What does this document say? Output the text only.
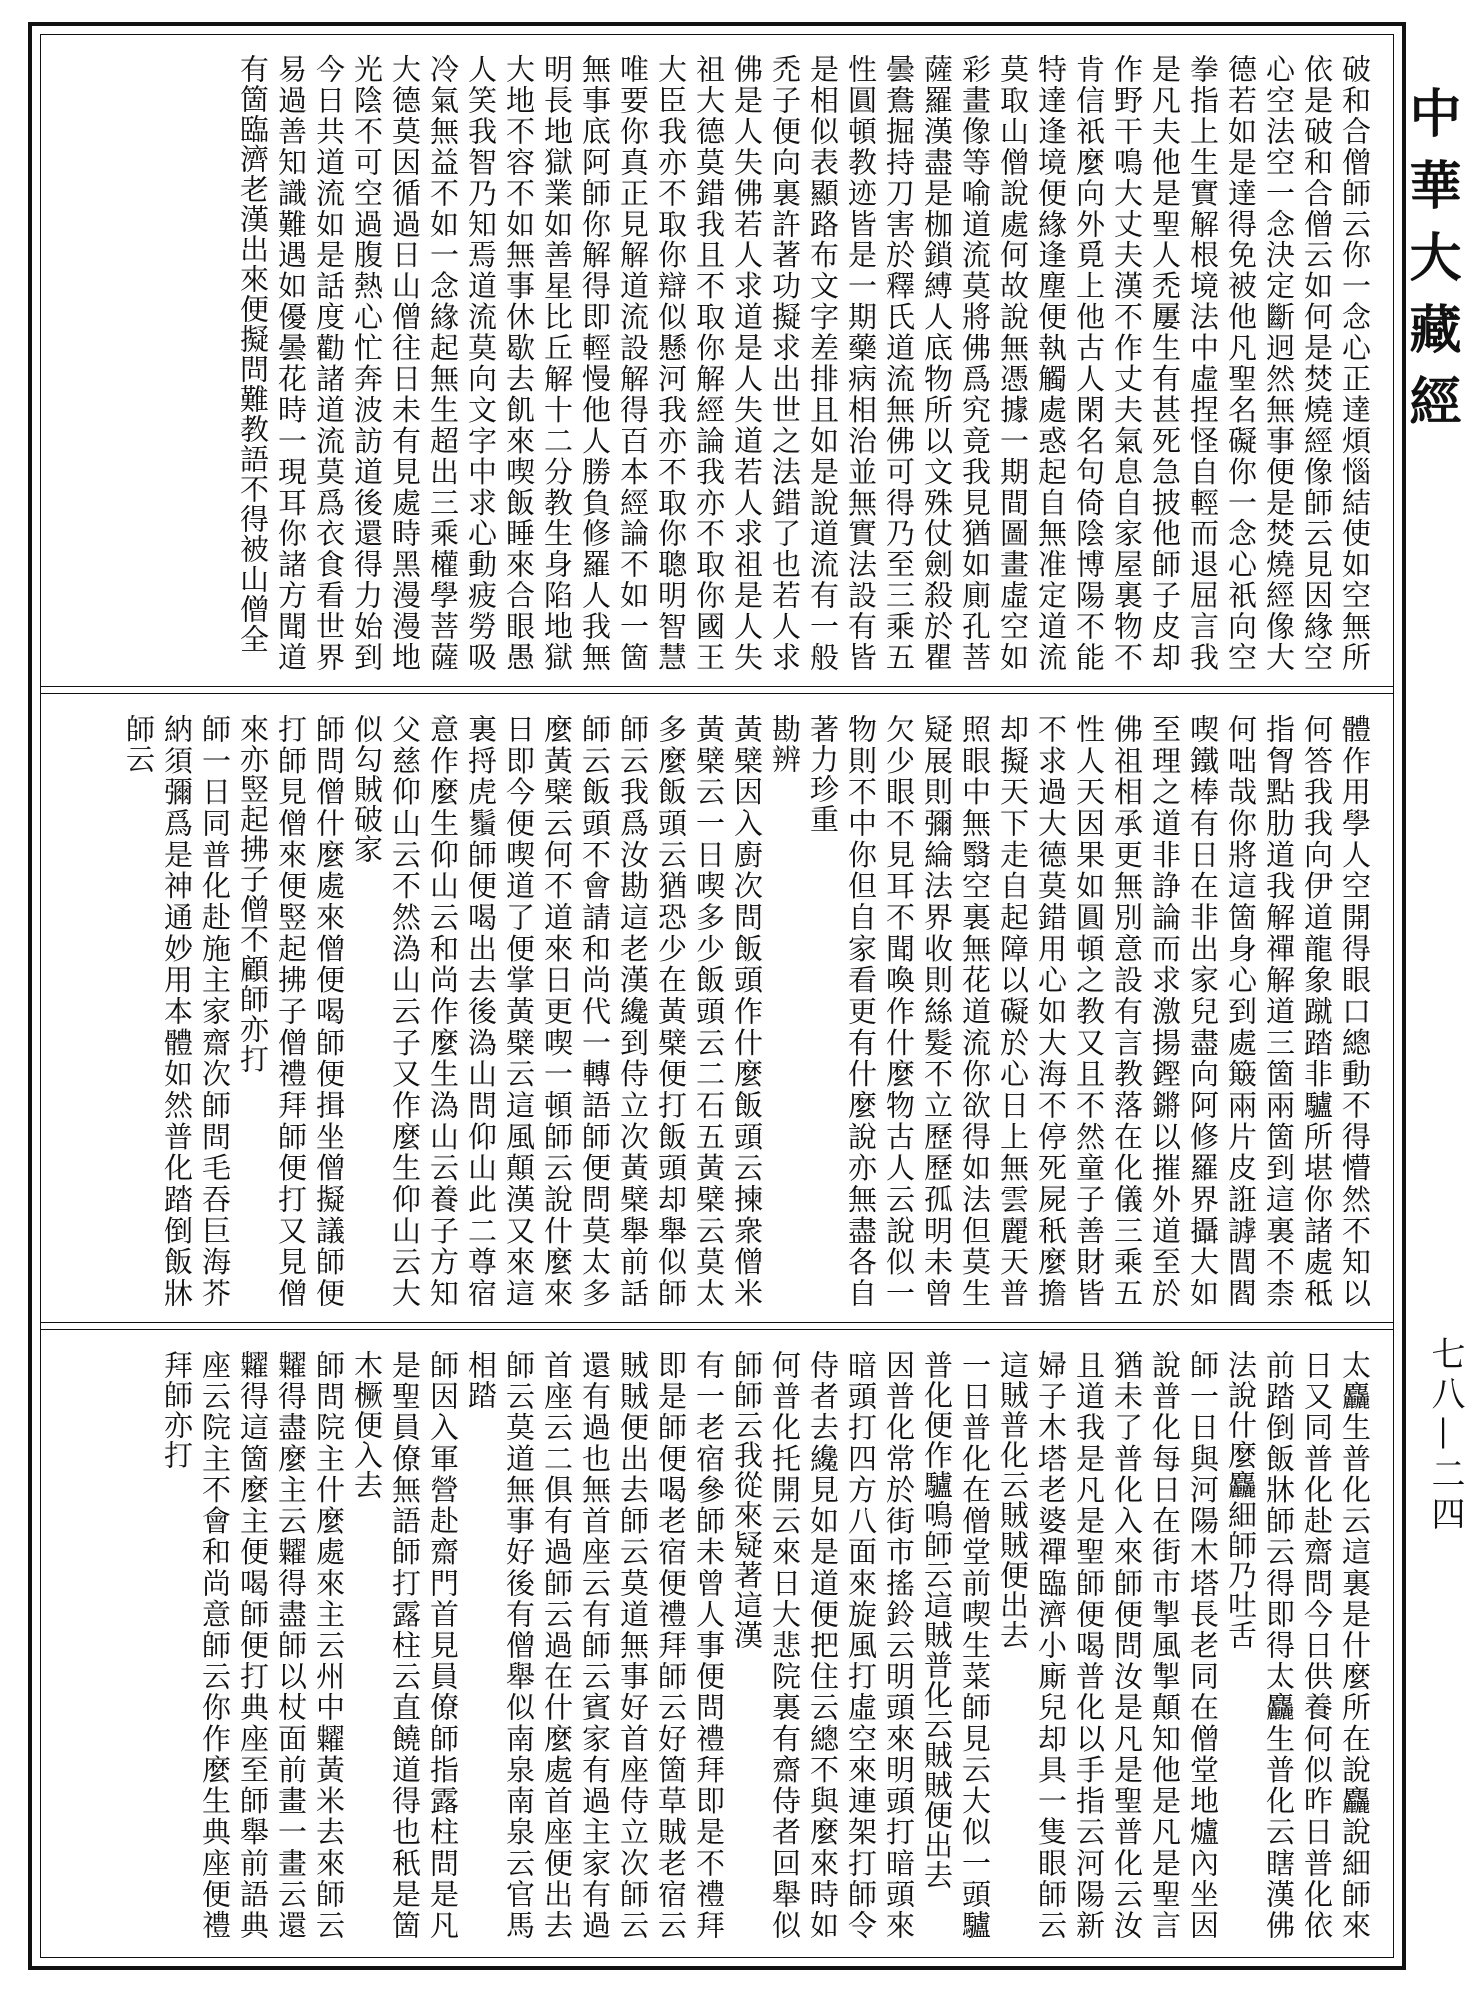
破和合僧師云你一念心正達煩惱結使如空無所依是破和合僧云如何是焚燒經像師云見因緣空心空法空一念決定斷迥然無事便是焚燒經像大德若如是達得免被他凡聖名礙你一念心祇向空拳指上生實解根境法中虛捏怪自輕而退屈言我是凡夫他是聖人禿屢生有甚死急披他師子皮却作野干鳴大丈夫漢不作丈夫氣息自家屋裏物不肯信祇麼向外覓上他古人閑名句倚陰博陽不能特達逢境便緣逢塵便執觸處惑起自無准定道流莫取山僧說處何故說無憑據一期間圖畫虛空如彩畫像等喻道流莫將佛爲究竟我見猶如廁孔菩薩羅漢盡是枷鎖縛人底物所以文殊仗劍殺於瞿曇鴦掘持刀害於釋氏道流無佛可得乃至三乘五性圓頓教迹皆是一期藥病相治並無實法設有皆是相似表顯路布文字差排且如是說道流有一般禿子便向裏許著功擬求出世之法錯了也若人求佛是人失佛若人求道是人失道若人求祖是人失祖大德莫錯我且不取你解經論我亦不取你國王大臣我亦不取你辯似懸河我亦不取你聰明智慧唯要你真正見解道流設解得百本經論不如一箇無事底阿師你解得即輕慢他人勝負修羅人我無明長地獄業如善星比丘解十二分教生身陷地獄大地不容不如無事休歇去飢來喫飯睡來合眼愚人笑我智乃知焉道流莫向文字中求心動疲勞吸冷氣無益不如一念緣起無生超出三乘權學菩薩大德莫因循過日山僧往日未有見處時黑漫漫地光陰不可空過腹熱心忙奔波訪道後還得力始到今日共道流如是話度勸諸道流莫爲衣食看世界易過善知識難遇如優曇花時一現耳你諸方聞道有箇臨濟老漢出來便擬問難教語不得被山僧全
體作用學人空開得眼口總動不得懵然不知以何答我我向伊道龍象蹴踏非驢所堪你諸處秪指胷點肋道我解禪解道三箇兩箇到這裏不柰何咄哉你將這箇身心到處簸兩片皮誑謼閭閻喫鐵棒有日在非出家兒盡向阿修羅界攝大如至理之道非諍論而求激揚鏗鏘以摧外道至於佛祖相承更無別意設有言教落在化儀三乘五性人天因果如圓頓之教又且不然童子善財皆不求過大德莫錯用心如大海不停死屍秖麼擔却擬天下走自起障以礙於心日上無雲麗天普照眼中無翳空裏無花道流你欲得如法但莫生疑展則彌綸法界收則絲髮不立歷歷孤明未曾欠少眼不見耳不聞喚作什麼物古人云說似一物則不中你但自家看更有什麼說亦無盡各自著力珍重
勘辨
黃檗因入廚次問飯頭作什麼飯頭云揀衆僧米黃檗云一日喫多少飯頭云二石五黃檗云莫太多麼飯頭云猶恐少在黃檗便打飯頭却舉似師師云我爲汝勘這老漢纔到侍立次黃檗舉前話師云飯頭不會請和尚代一轉語師便問莫太多麼黃檗云何不道來日更喫一頓師云說什麼來日即今便喫道了便掌黃檗云這風顛漢又來這裏捋虎鬚師便喝出去後溈山問仰山此二尊宿意作麼生仰山云和尚作麼生溈山云養子方知父慈仰山云不然溈山云子又作麼生仰山云大似勾賊破家
師問僧什麼處來僧便喝師便揖坐僧擬議師便打師見僧來便竪起拂子僧禮拜師便打又見僧來亦竪起拂子僧不顧師亦打
師一日同普化赴施主家齋次師問毛吞巨海芥納須彌爲是神通妙用本體如然普化踏倒飯牀師云
太麤生普化云這裏是什麼所在說麤說細師來日又同普化赴齋問今日供養何似昨日普化依前踏倒飯牀師云得即得太麤生普化云瞎漢佛法說什麼麤細師乃吐舌
師一日與河陽木塔長老同在僧堂地爐內坐因說普化每日在街市掣風掣顛知他是凡是聖言猶未了普化入來師便問汝是凡是聖普化云汝且道我是凡是聖師便喝普化以手指云河陽新婦子木塔老婆禪臨濟小廝兒却具一隻眼師云這賊普化云賊賊便出去
一日普化在僧堂前喫生菜師見云大似一頭驢普化便作驢鳴師云這賊普化云賊賊便出去
因普化常於街市搖鈴云明頭來明頭打暗頭來暗頭打四方八面來旋風打虛空來連架打師令侍者去纔見如是道便把住云總不與麼來時如何普化托開云來日大悲院裏有齋侍者回舉似師師云我從來疑著這漢
有一老宿參師未曾人事便問禮拜即是不禮拜即是師便喝老宿便禮拜師云好箇草賊老宿云賊賊便出去師云莫道無事好首座侍立次師云還有過也無首座云有師云賓家有過主家有過首座云二俱有過師云過在什麼處首座便出去師云莫道無事好後有僧舉似南泉南泉云官馬相踏
師因入軍營赴齋門首見員僚師指露柱問是凡是聖員僚無語師打露柱云直饒道得也秖是箇木橛便入去
師問院主什麼處來主云州中糶黃米去來師云糶得盡麼主云糶得盡師以杖面前畫一畫云還糶得這箇麼主便喝師便打典座至師舉前語典座云院主不會和尚意師云你作麼生典座便禮拜師亦打
中華大藏經
七八—二四
